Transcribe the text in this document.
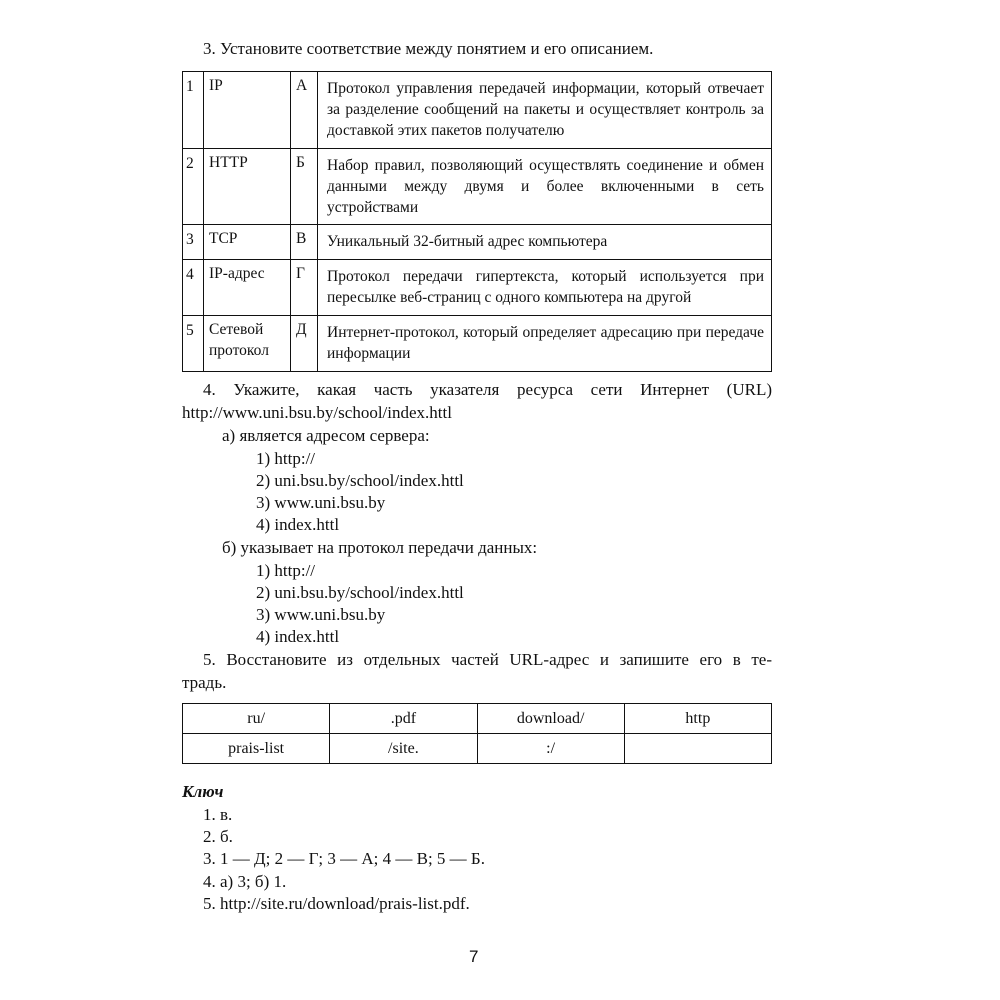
3. Установите соответствие между понятием и его описанием.
1	IP	А	Протокол управления передачей информации, который отвечает за разделение сообщений на пакеты и осуществляет контроль за доставкой этих пакетов получателю
2	HTTP	Б	Набор правил, позволяющий осуществлять соединение и обмен данными между двумя и более включенными в сеть устройствами
3	TCP	В	Уникальный 32-битный адрес компьютера
4	IP-адрес	Г	Протокол передачи гипертекста, который используется при пересылке веб-страниц с одного компьютера на другой
5	Сетевой протокол	Д	Интернет-протокол, который определяет адресацию при передаче информации
4. Укажите, какая часть указателя ресурса сети Интернет (URL)
http://www.uni.bsu.by/school/index.httl
а) является адресом сервера:
1) http://
2) uni.bsu.by/school/index.httl
3) www.uni.bsu.by
4) index.httl
б) указывает на протокол передачи данных:
1) http://
2) uni.bsu.by/school/index.httl
3) www.uni.bsu.by
4) index.httl
5. Восстановите из отдельных частей URL-адрес и запишите его в те-
традь.
ru/	.pdf	download/	http
prais-list	/site.	:/	
Ключ
1. в.
2. б.
3. 1 — Д; 2 — Г; 3 — А; 4 — В; 5 — Б.
4. а) 3; б) 1.
5. http://site.ru/download/prais-list.pdf.
7
